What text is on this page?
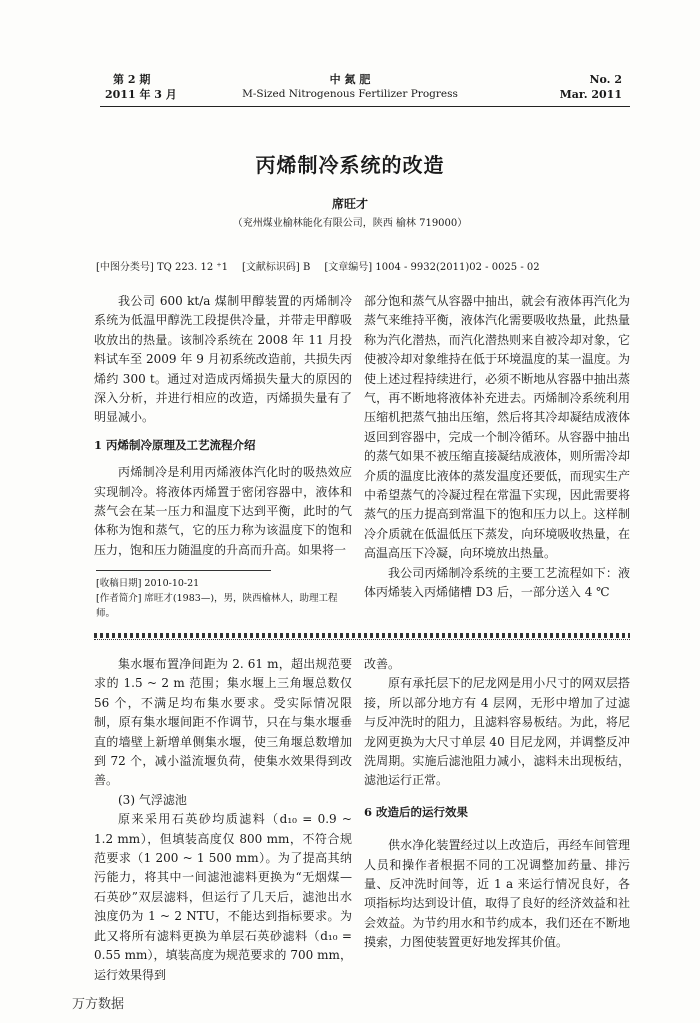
第 2 期
2011 年 3 月
中 氮 肥
M-Sized Nitrogenous Fertilizer Progress
No. 2
Mar. 2011
丙烯制冷系统的改造
席旺才
（兖州煤业榆林能化有限公司，陕西 榆林 719000）
[中图分类号] TQ 223. 12 ⁺1 [文献标识码] B [文章编号] 1004 - 9932(2011)02 - 0025 - 02

我公司 600 kt/a 煤制甲醇装置的丙烯制冷系统为低温甲醇洗工段提供冷量，并带走甲醇吸收放出的热量。该制冷系统在 2008 年 11 月投料试车至 2009 年 9 月初系统改造前，共损失丙烯约 300 t。通过对造成丙烯损失量大的原因的深入分析，并进行相应的改造，丙烯损失量有了明显减小。

1 丙烯制冷原理及工艺流程介绍

丙烯制冷是利用丙烯液体汽化时的吸热效应实现制冷。将液体丙烯置于密闭容器中，液体和蒸气会在某一压力和温度下达到平衡，此时的气体称为饱和蒸气，它的压力称为该温度下的饱和压力，饱和压力随温度的升高而升高。如果将一

[收稿日期] 2010-10-21
[作者简介] 席旺才(1983—)，男，陕西榆林人，助理工程师。

部分饱和蒸气从容器中抽出，就会有液体再汽化为蒸气来维持平衡，液体汽化需要吸收热量，此热量称为汽化潜热，而汽化潜热则来自被冷却对象，它使被冷却对象维持在低于环境温度的某一温度。为使上述过程持续进行，必须不断地从容器中抽出蒸气，再不断地将液体补充进去。丙烯制冷系统利用压缩机把蒸气抽出压缩，然后将其冷却凝结成液体返回到容器中，完成一个制冷循环。从容器中抽出的蒸气如果不被压缩直接凝结成液体，则所需冷却介质的温度比液体的蒸发温度还要低，而现实生产中希望蒸气的冷凝过程在常温下实现，因此需要将蒸气的压力提高到常温下的饱和压力以上。这样制冷介质就在低温低压下蒸发，向环境吸收热量，在高温高压下冷凝，向环境放出热量。

我公司丙烯制冷系统的主要工艺流程如下：液体丙烯装入丙烯储槽 D3 后，一部分送入 4 ℃

集水堰布置净间距为 2. 61 m，超出规范要求的 1.5 ~ 2 m 范围；集水堰上三角堰总数仅 56 个，不满足均布集水要求。受实际情况限制，原有集水堰间距不作调节，只在与集水堰垂直的墙壁上新增单侧集水堰，使三角堰总数增加到 72 个，减小溢流堰负荷，使集水效果得到改善。

(3) 气浮滤池

原来采用石英砂均质滤料（d₁₀ = 0.9 ~ 1.2 mm），但填装高度仅 800 mm，不符合规范要求（1 200 ~ 1 500 mm）。为了提高其纳污能力，将其中一间滤池滤料更换为“无烟煤—石英砂”双层滤料，但运行了几天后，滤池出水浊度仍为 1 ~ 2 NTU，不能达到指标要求。为此又将所有滤料更换为单层石英砂滤料（d₁₀ = 0.55 mm），填装高度为规范要求的 700 mm，运行效果得到

改善。

原有承托层下的尼龙网是用小尺寸的网双层搭接，所以部分地方有 4 层网，无形中增加了过滤与反冲洗时的阻力，且滤料容易板结。为此，将尼龙网更换为大尺寸单层 40 目尼龙网，并调整反冲洗周期。实施后滤池阻力减小，滤料未出现板结，滤池运行正常。

6 改造后的运行效果

供水净化装置经过以上改造后，再经车间管理人员和操作者根据不同的工况调整加药量、排污量、反冲洗时间等，近 1 a 来运行情况良好，各项指标均达到设计值，取得了良好的经济效益和社会效益。为节约用水和节约成本，我们还在不断地摸索，力图使装置更好地发挥其价值。

万方数据
